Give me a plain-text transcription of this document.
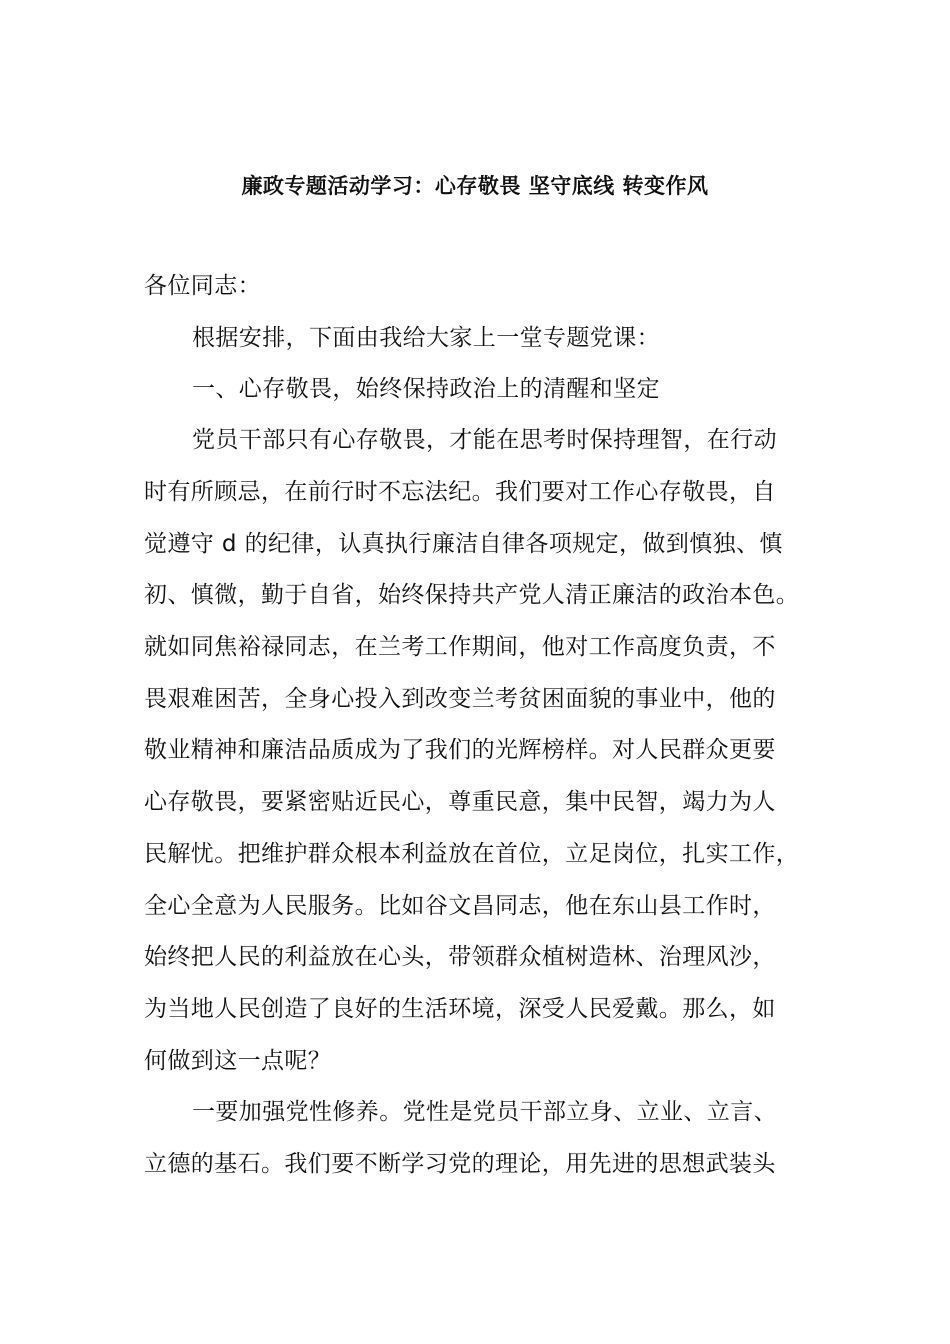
廉政专题活动学习：心存敬畏 坚守底线 转变作风
各位同志：
根据安排，下面由我给大家上一堂专题党课：
一、心存敬畏，始终保持政治上的清醒和坚定
党员干部只有心存敬畏，才能在思考时保持理智，在行动
时有所顾忌，在前行时不忘法纪。我们要对工作心存敬畏，自
觉遵守 d 的纪律，认真执行廉洁自律各项规定，做到慎独、慎
初、慎微，勤于自省，始终保持共产党人清正廉洁的政治本色。
就如同焦裕禄同志，在兰考工作期间，他对工作高度负责，不
畏艰难困苦，全身心投入到改变兰考贫困面貌的事业中，他的
敬业精神和廉洁品质成为了我们的光辉榜样。对人民群众更要
心存敬畏，要紧密贴近民心，尊重民意，集中民智，竭力为人
民解忧。把维护群众根本利益放在首位，立足岗位，扎实工作，
全心全意为人民服务。比如谷文昌同志，他在东山县工作时，
始终把人民的利益放在心头，带领群众植树造林、治理风沙，
为当地人民创造了良好的生活环境，深受人民爱戴。那么，如
何做到这一点呢？
一要加强党性修养。党性是党员干部立身、立业、立言、
立德的基石。我们要不断学习党的理论，用先进的思想武装头
